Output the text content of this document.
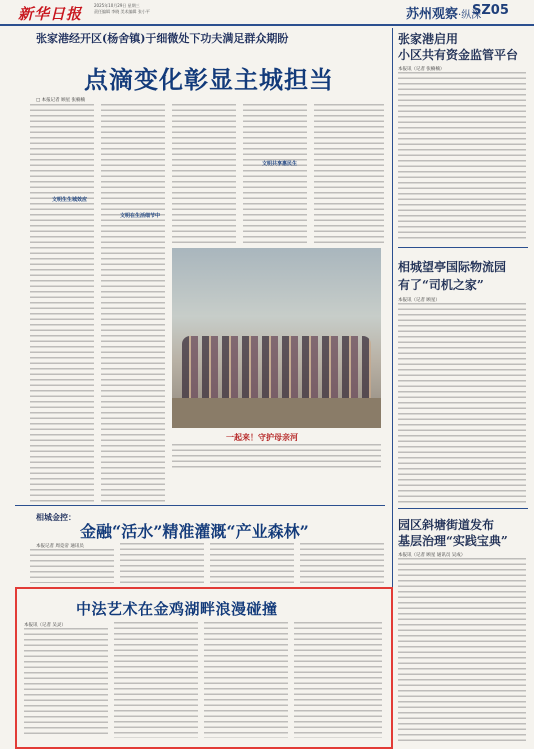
新华日报	2025年10月29日 星期三
责任编辑 李晓 美术编辑 张小平	苏州观察·纵深
SZ05
张家港经开区(杨舍镇)于细微处下功夫满足群众期盼
点滴变化彰显主城担当
□ 本报记者 顾星 张楠楠
文明生生城效应
文明在生活细节中
文明共享惠民生
一起来！守护母亲河
张家港启用
小区共有资金监管平台
本报讯（记者 张楠楠）
相城望亭国际物流园
有了“司机之家”
本报讯（记者 顾星）
园区斜塘街道发布
基层治理“实践宝典”
本报讯（记者 顾星 通讯员 吴成）
相城金控：
金融“活水”精准灌溉“产业森林”
本报记者 周竞帝 通讯员
中法艺术在金鸡湖畔浪漫碰撞
本报讯（记者 吴灵）
